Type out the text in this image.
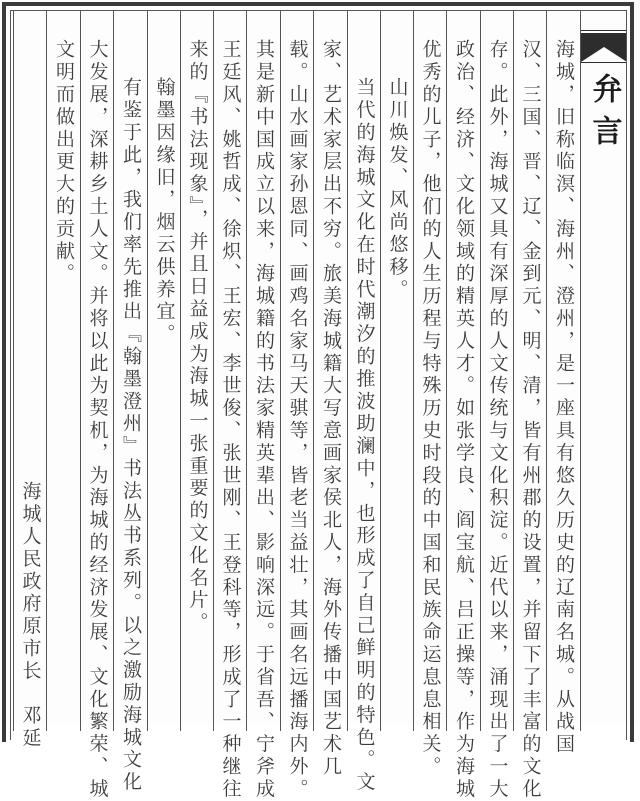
弁言
海城，旧称临溟、海州、澄州，是一座具有悠久历史的辽南名城。从战国
汉、三国、晋、辽、金到元、明、清，皆有州郡的设置，并留下了丰富的文化
存。此外，海城又具有深厚的人文传统与文化积淀。近代以来，涌现出了一大
政治、经济、文化领域的精英人才。如张学良、阎宝航、吕正操等，作为海城
优秀的儿子，他们的人生历程与特殊历史时段的中国和民族命运息息相关。
山川焕发、风尚悠移。
当代的海城文化在时代潮汐的推波助澜中，也形成了自己鲜明的特色。文
家、艺术家层出不穷。旅美海城籍大写意画家侯北人，海外传播中国艺术几
载。山水画家孙恩同、画鸡名家马天骐等，皆老当益壮，其画名远播海内外。
其是新中国成立以来，海城籍的书法家精英辈出、影响深远。于省吾、宁斧成
王廷风、姚哲成、徐炽、王宏、李世俊、张世刚、王登科等，形成了一种继往
来的『书法现象』，并且日益成为海城一张重要的文化名片。
翰墨因缘旧，烟云供养宜。
有鉴于此，我们率先推出『翰墨澄州』书法丛书系列。以之激励海城文化
大发展，深耕乡土人文。并将以此为契机，为海城的经济发展、文化繁荣、城
文明而做出更大的贡献。
海城人民政府原市长　邓延
